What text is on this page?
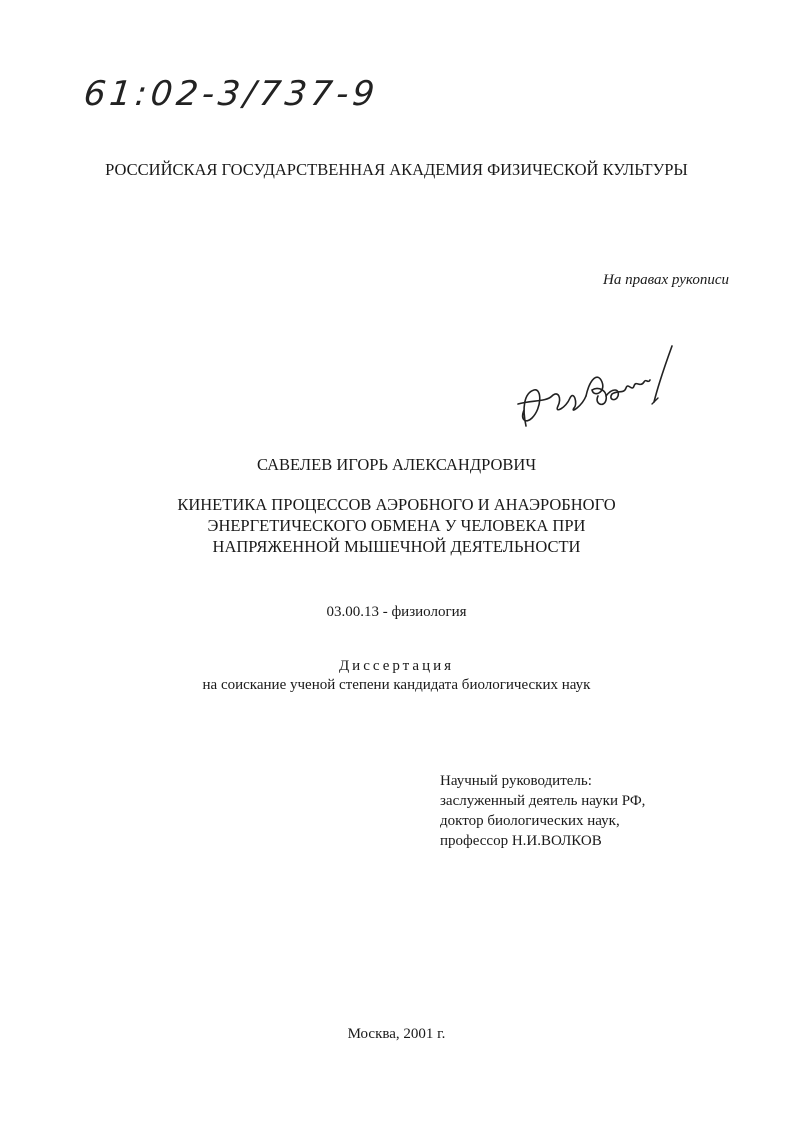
61:02-3/737-9
РОССИЙСКАЯ ГОСУДАРСТВЕННАЯ АКАДЕМИЯ ФИЗИЧЕСКОЙ КУЛЬТУРЫ
На правах рукописи
САВЕЛЕВ ИГОРЬ АЛЕКСАНДРОВИЧ
КИНЕТИКА ПРОЦЕССОВ АЭРОБНОГО И АНАЭРОБНОГО
ЭНЕРГЕТИЧЕСКОГО ОБМЕНА У ЧЕЛОВЕКА ПРИ
НАПРЯЖЕННОЙ МЫШЕЧНОЙ ДЕЯТЕЛЬНОСТИ
03.00.13 - физиология
Диссертация
на соискание ученой степени кандидата биологических наук
Научный руководитель:
заслуженный деятель науки РФ,
доктор биологических наук,
профессор Н.И.ВОЛКОВ
Москва, 2001 г.
